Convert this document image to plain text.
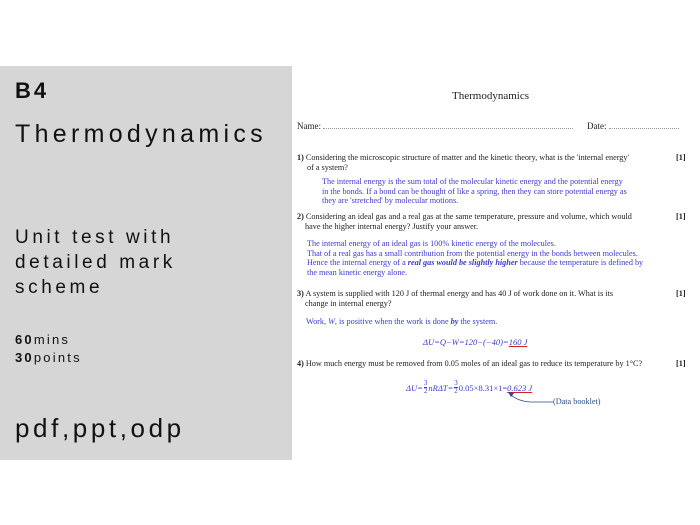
B4
Thermodynamics
Unit test with
detailed mark
scheme
60mins
30points
pdf,ppt,odp
Thermodynamics
Name:	Date:
1) Considering the microscopic structure of matter and the kinetic theory, what is the 'internal energy'
of a system?
[1]
The internal energy is the sum total of the molecular kinetic energy and the potential energy
in the bonds. If a bond can be thought of like a spring, then they can store potential energy as
they are 'stretched' by molecular motions.
2) Considering an ideal gas and a real gas at the same temperature, pressure and volume, which would
have the higher internal energy? Justify your answer.
[1]
The internal energy of an ideal gas is 100% kinetic energy of the molecules.
That of a real gas has a small contribution from the potential energy in the bonds between molecules.
Hence the internal energy of a real gas would be slightly higher because the temperature is defined by
the mean kinetic energy alone.
3) A system is supplied with 120 J of thermal energy and has 40 J of work done on it. What is its
change in internal energy?
[1]
Work, W, is positive when the work is done by the system.
ΔU=Q−W=120−(−40)=160 J
4) How much energy must be removed from 0.05 moles of an ideal gas to reduce its temperature by 1°C?	[1]
$\Delta U= \frac{3}{2} nR\Delta T= \frac{3}{2} 0.05\times 8.31\times 1= 0.623$ J
(Data booklet)
